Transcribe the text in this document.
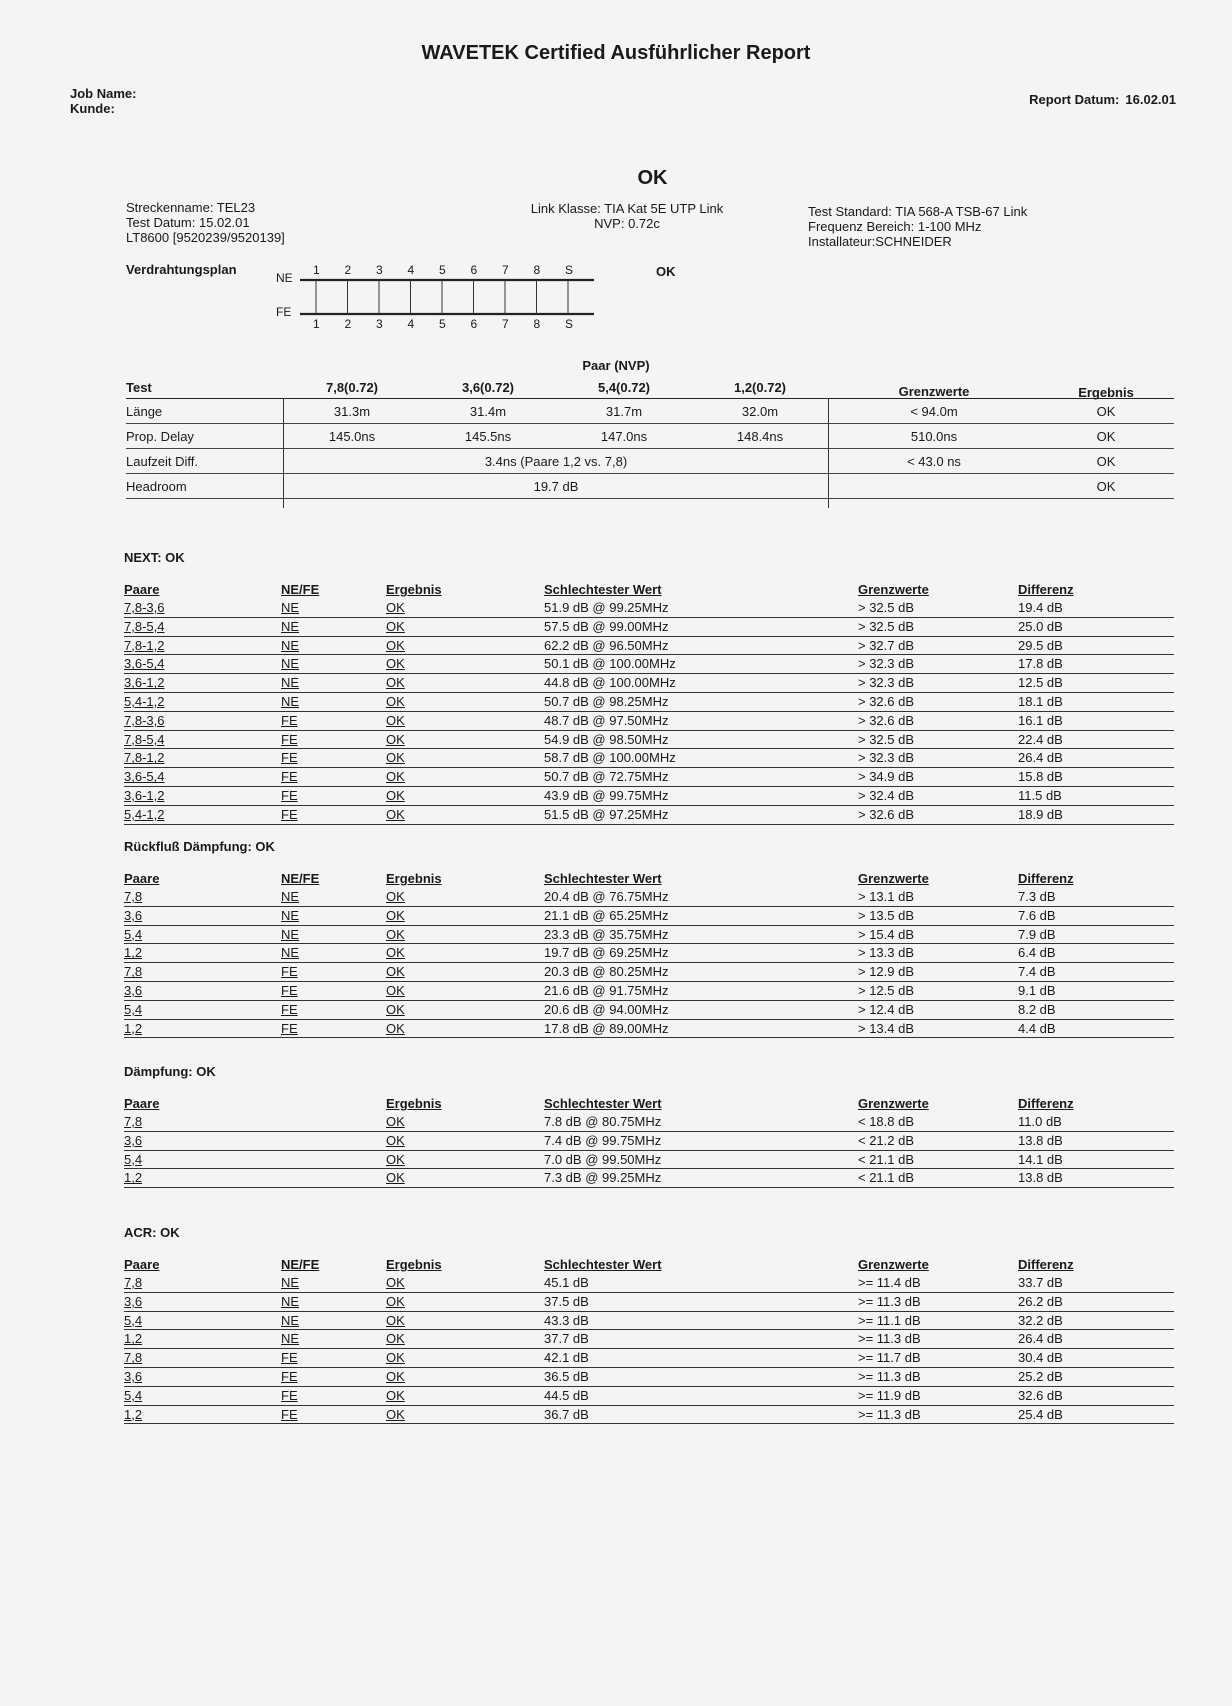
WAVETEK Certified Ausführlicher Report
Job Name:
Kunde:
Report Datum: 16.02.01
OK
Streckenname: TEL23
Test Datum: 15.02.01
LT8600 [9520239/9520139]
Link Klasse: TIA Kat 5E UTP Link
NVP: 0.72c
Test Standard: TIA 568-A TSB-67 Link
Frequenz Bereich: 1-100 MHz
Installateur:SCHNEIDER
Verdrahtungsplan
NE
FE
1
1
2
2
3
3
4
4
5
5
6
6
7
7
8
8
S
S
OK
Paar (NVP)
Test	7,8(0.72)	3,6(0.72)	5,4(0.72)	1,2(0.72)	Grenzwerte	Ergebnis
Länge	31.3m	31.4m	31.7m	32.0m	< 94.0m	OK
Prop. Delay	145.0ns	145.5ns	147.0ns	148.4ns	510.0ns	OK
Laufzeit Diff.	3.4ns (Paare 1,2 vs. 7,8)	< 43.0 ns	OK
Headroom	19.7 dB	OK
NEXT: OK
Paare	NE/FE	Ergebnis	Schlechtester Wert	Grenzwerte	Differenz
7,8-3,6	NE	OK	51.9 dB @ 99.25MHz	> 32.5 dB	19.4 dB
7,8-5,4	NE	OK	57.5 dB @ 99.00MHz	> 32.5 dB	25.0 dB
7,8-1,2	NE	OK	62.2 dB @ 96.50MHz	> 32.7 dB	29.5 dB
3,6-5,4	NE	OK	50.1 dB @ 100.00MHz	> 32.3 dB	17.8 dB
3,6-1,2	NE	OK	44.8 dB @ 100.00MHz	> 32.3 dB	12.5 dB
5,4-1,2	NE	OK	50.7 dB @ 98.25MHz	> 32.6 dB	18.1 dB
7,8-3,6	FE	OK	48.7 dB @ 97.50MHz	> 32.6 dB	16.1 dB
7,8-5,4	FE	OK	54.9 dB @ 98.50MHz	> 32.5 dB	22.4 dB
7,8-1,2	FE	OK	58.7 dB @ 100.00MHz	> 32.3 dB	26.4 dB
3,6-5,4	FE	OK	50.7 dB @ 72.75MHz	> 34.9 dB	15.8 dB
3,6-1,2	FE	OK	43.9 dB @ 99.75MHz	> 32.4 dB	11.5 dB
5,4-1,2	FE	OK	51.5 dB @ 97.25MHz	> 32.6 dB	18.9 dB
Rückfluß Dämpfung: OK
Paare	NE/FE	Ergebnis	Schlechtester Wert	Grenzwerte	Differenz
7,8	NE	OK	20.4 dB @ 76.75MHz	> 13.1 dB	7.3 dB
3,6	NE	OK	21.1 dB @ 65.25MHz	> 13.5 dB	7.6 dB
5,4	NE	OK	23.3 dB @ 35.75MHz	> 15.4 dB	7.9 dB
1,2	NE	OK	19.7 dB @ 69.25MHz	> 13.3 dB	6.4 dB
7,8	FE	OK	20.3 dB @ 80.25MHz	> 12.9 dB	7.4 dB
3,6	FE	OK	21.6 dB @ 91.75MHz	> 12.5 dB	9.1 dB
5,4	FE	OK	20.6 dB @ 94.00MHz	> 12.4 dB	8.2 dB
1,2	FE	OK	17.8 dB @ 89.00MHz	> 13.4 dB	4.4 dB
Dämpfung: OK
Paare	Ergebnis	Schlechtester Wert	Grenzwerte	Differenz
7,8	OK	7.8 dB @ 80.75MHz	< 18.8 dB	11.0 dB
3,6	OK	7.4 dB @ 99.75MHz	< 21.2 dB	13.8 dB
5,4	OK	7.0 dB @ 99.50MHz	< 21.1 dB	14.1 dB
1,2	OK	7.3 dB @ 99.25MHz	< 21.1 dB	13.8 dB
ACR: OK
Paare	NE/FE	Ergebnis	Schlechtester Wert	Grenzwerte	Differenz
7,8	NE	OK	45.1 dB	>= 11.4 dB	33.7 dB
3,6	NE	OK	37.5 dB	>= 11.3 dB	26.2 dB
5,4	NE	OK	43.3 dB	>= 11.1 dB	32.2 dB
1,2	NE	OK	37.7 dB	>= 11.3 dB	26.4 dB
7,8	FE	OK	42.1 dB	>= 11.7 dB	30.4 dB
3,6	FE	OK	36.5 dB	>= 11.3 dB	25.2 dB
5,4	FE	OK	44.5 dB	>= 11.9 dB	32.6 dB
1,2	FE	OK	36.7 dB	>= 11.3 dB	25.4 dB
